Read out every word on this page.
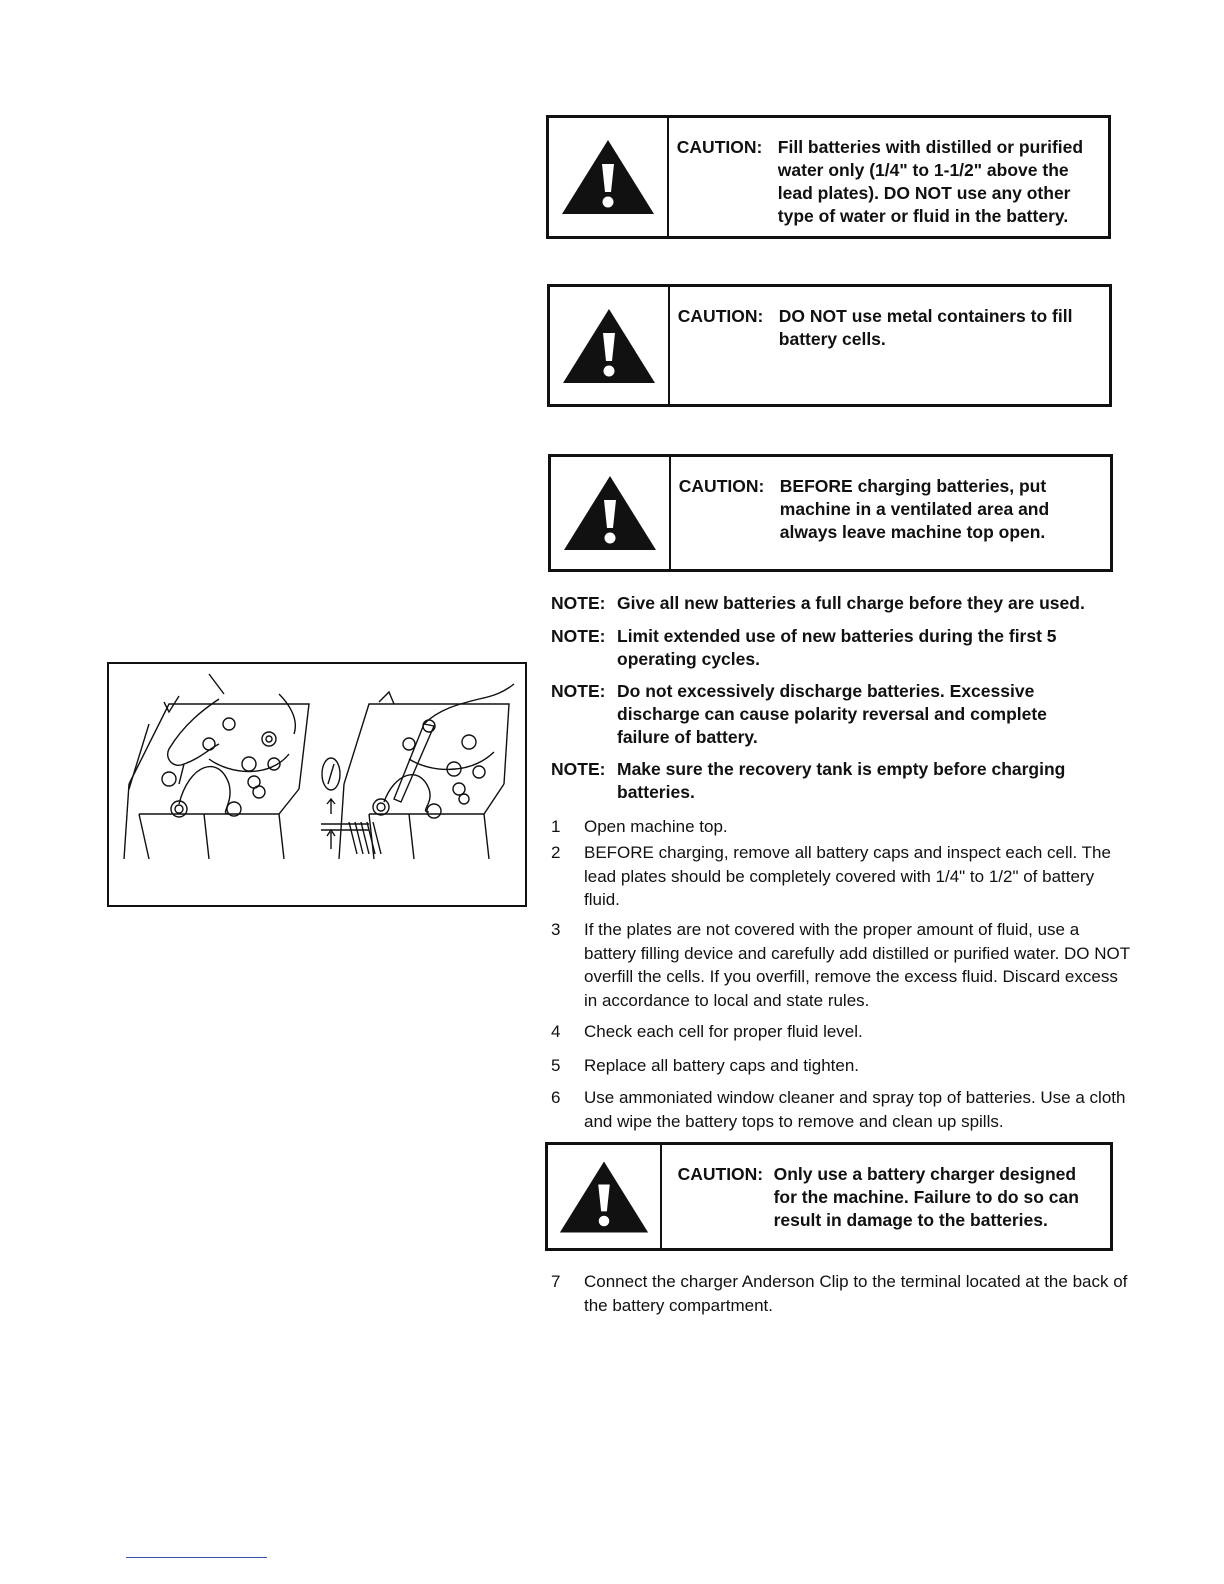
CAUTION: Fill batteries with distilled or purified water only (1/4" to 1-1/2" above the lead plates). DO NOT use any other type of water or fluid in the battery.
CAUTION: DO NOT use metal containers to fill battery cells.
CAUTION: BEFORE charging batteries, put machine in a ventilated area and always leave machine top open.
NOTE: Give all new batteries a full charge before they are used.
NOTE: Limit extended use of new batteries during the first 5 operating cycles.
NOTE: Do not excessively discharge batteries. Excessive discharge can cause polarity reversal and complete failure of battery.
NOTE: Make sure the recovery tank is empty before charging batteries.
1	Open machine top.
2	BEFORE charging, remove all battery caps and inspect each cell. The lead plates should be completely covered with 1/4" to 1/2" of battery fluid.
3	If the plates are not covered with the proper amount of fluid, use a battery filling device and carefully add distilled or purified water. DO NOT overfill the cells. If you overfill, remove the excess fluid. Discard excess in accordance to local and state rules.
4	Check each cell for proper fluid level.
5	Replace all battery caps and tighten.
6	Use ammoniated window cleaner and spray top of batteries. Use a cloth and wipe the battery tops to remove and clean up spills.
CAUTION: Only use a battery charger designed for the machine. Failure to do so can result in damage to the batteries.
7	Connect the charger Anderson Clip to the terminal located at the back of the battery compartment.
